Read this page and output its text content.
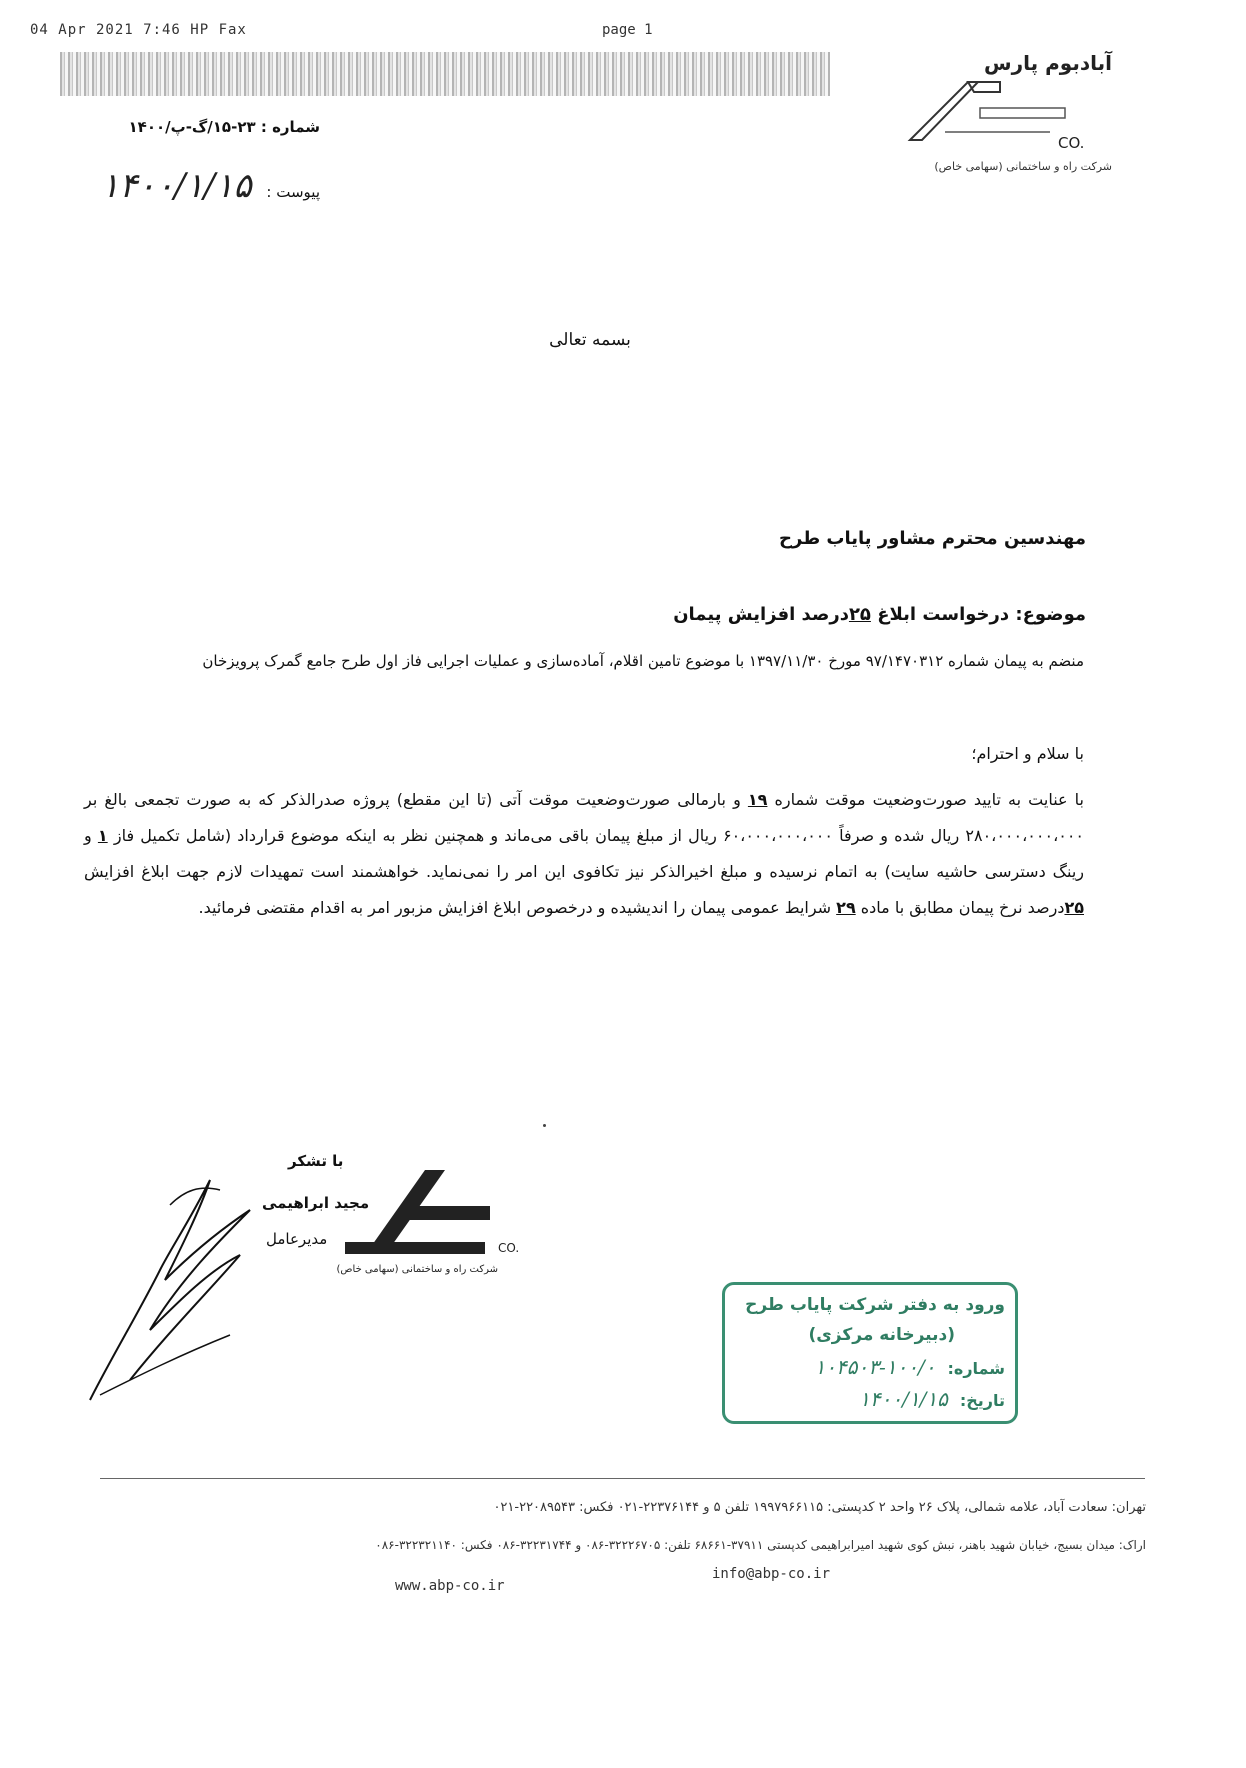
04 Apr 2021 7:46 HP Fax	page 1
آبادبوم پارس
CO.
شرکت راه و ساختمانی (سهامی خاص)
شماره : ۲۳-۱۵/گ-پ/۱۴۰۰
پیوست : ۱۴۰۰/۱/۱۵
بسمه تعالی
مهندسین محترم مشاور پایاب طرح
موضوع: درخواست ابلاغ ۲۵درصد افزایش پیمان
منضم به پیمان شماره ۹۷/۱۴۷۰۳۱۲ مورخ ۱۳۹۷/۱۱/۳۰ با موضوع تامین اقلام، آماده‌سازی و عملیات اجرایی فاز اول طرح جامع گمرک پرویزخان
با سلام و احترام؛
با عنایت به تایید صورت‌وضعیت موقت شماره ۱۹ و بارمالی صورت‌وضعیت موقت آتی (تا این مقطع) پروژه صدرالذکر که به صورت تجمعی بالغ بر ۲۸۰،۰۰۰،۰۰۰،۰۰۰ ریال شده و صرفاً ۶۰،۰۰۰،۰۰۰،۰۰۰ ریال از مبلغ پیمان باقی می‌ماند و همچنین نظر به اینکه موضوع قرارداد (شامل تکمیل فاز ۱ و رینگ دسترسی حاشیه سایت) به اتمام نرسیده و مبلغ اخیرالذکر نیز تکافوی این امر را نمی‌نماید. خواهشمند است تمهیدات لازم جهت ابلاغ افزایش ۲۵درصد نرخ پیمان مطابق با ماده ۲۹ شرایط عمومی پیمان را اندیشیده و درخصوص ابلاغ افزایش مزبور امر به اقدام مقتضی فرمائید.
CO.
شرکت راه و ساختمانی (سهامی خاص)
با تشکر
مجید ابراهیمی
مدیرعامل
ورود به دفتر شرکت پایاب طرح
(دبیرخانه مرکزی)
شماره:۱۰۰/۰-۱۰۴۵۰۳
تاریخ:۱۴۰۰/۱/۱۵
تهران: سعادت آباد، علامه شمالی، پلاک ۲۶ واحد ۲ کدپستی: ۱۹۹۷۹۶۶۱۱۵ تلفن ۵ و ۲۲۳۷۶۱۴۴-۰۲۱ فکس: ۲۲۰۸۹۵۴۳-۰۲۱
اراک: میدان بسیج، خیابان شهید باهنر، نبش کوی شهید امیرابراهیمی کدپستی ۳۷۹۱۱-۶۸۶۶۱ تلفن: ۳۲۲۲۶۷۰۵-۰۸۶ و ۳۲۲۳۱۷۴۴-۰۸۶ فکس: ۳۲۲۳۲۱۱۴۰-۰۸۶
www.abp-co.ir
info@abp-co.ir
